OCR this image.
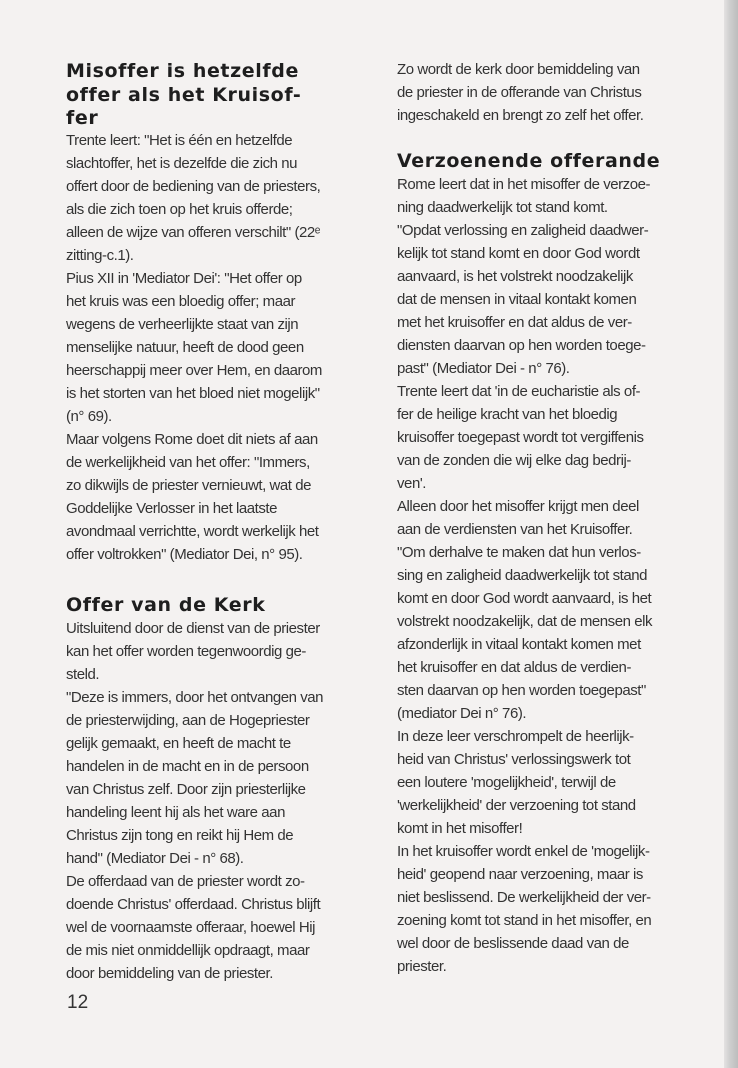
Misoffer is hetzelfde
offer als het Kruisof-
fer
Trente leert: "Het is één en hetzelfde
slachtoffer, het is dezelfde die zich nu
offert door de bediening van de priesters,
als die zich toen op het kruis offerde;
alleen de wijze van offeren verschilt" (22ᵉ
zitting-c.1).
Pius XII in 'Mediator Dei': "Het offer op
het kruis was een bloedig offer; maar
wegens de verheerlijkte staat van zijn
menselijke natuur, heeft de dood geen
heerschappij meer over Hem, en daarom
is het storten van het bloed niet mogelijk"
(n° 69).
Maar volgens Rome doet dit niets af aan
de werkelijkheid van het offer: "Immers,
zo dikwijls de priester vernieuwt, wat de
Goddelijke Verlosser in het laatste
avondmaal verrichtte, wordt werkelijk het
offer voltrokken" (Mediator Dei, n° 95).
Offer van de Kerk
Uitsluitend door de dienst van de priester
kan het offer worden tegenwoordig ge-
steld.
"Deze is immers, door het ontvangen van
de priesterwijding, aan de Hogepriester
gelijk gemaakt, en heeft de macht te
handelen in de macht en in de persoon
van Christus zelf. Door zijn priesterlijke
handeling leent hij als het ware aan
Christus zijn tong en reikt hij Hem de
hand" (Mediator Dei - n° 68).
De offerdaad van de priester wordt zo-
doende Christus' offerdaad. Christus blijft
wel de voornaamste offeraar, hoewel Hij
de mis niet onmiddellijk opdraagt, maar
door bemiddeling van de priester.
Zo wordt de kerk door bemiddeling van
de priester in de offerande van Christus
ingeschakeld en brengt zo zelf het offer.
Verzoenende offerande
Rome leert dat in het misoffer de verzoe-
ning daadwerkelijk tot stand komt.
"Opdat verlossing en zaligheid daadwer-
kelijk tot stand komt en door God wordt
aanvaard, is het volstrekt noodzakelijk
dat de mensen in vitaal kontakt komen
met het kruisoffer en dat aldus de ver-
diensten daarvan op hen worden toege-
past" (Mediator Dei - n° 76).
Trente leert dat 'in de eucharistie als of-
fer de heilige kracht van het bloedig
kruisoffer toegepast wordt tot vergiffenis
van de zonden die wij elke dag bedrij-
ven'.
Alleen door het misoffer krijgt men deel
aan de verdiensten van het Kruisoffer.
"Om derhalve te maken dat hun verlos-
sing en zaligheid daadwerkelijk tot stand
komt en door God wordt aanvaard, is het
volstrekt noodzakelijk, dat de mensen elk
afzonderlijk in vitaal kontakt komen met
het kruisoffer en dat aldus de verdien-
sten daarvan op hen worden toegepast"
(mediator Dei n° 76).
In deze leer verschrompelt de heerlijk-
heid van Christus' verlossingswerk tot
een loutere 'mogelijkheid', terwijl de
'werkelijkheid' der verzoening tot stand
komt in het misoffer!
In het kruisoffer wordt enkel de 'mogelijk-
heid' geopend naar verzoening, maar is
niet beslissend. De werkelijkheid der ver-
zoening komt tot stand in het misoffer, en
wel door de beslissende daad van de
priester.
12
